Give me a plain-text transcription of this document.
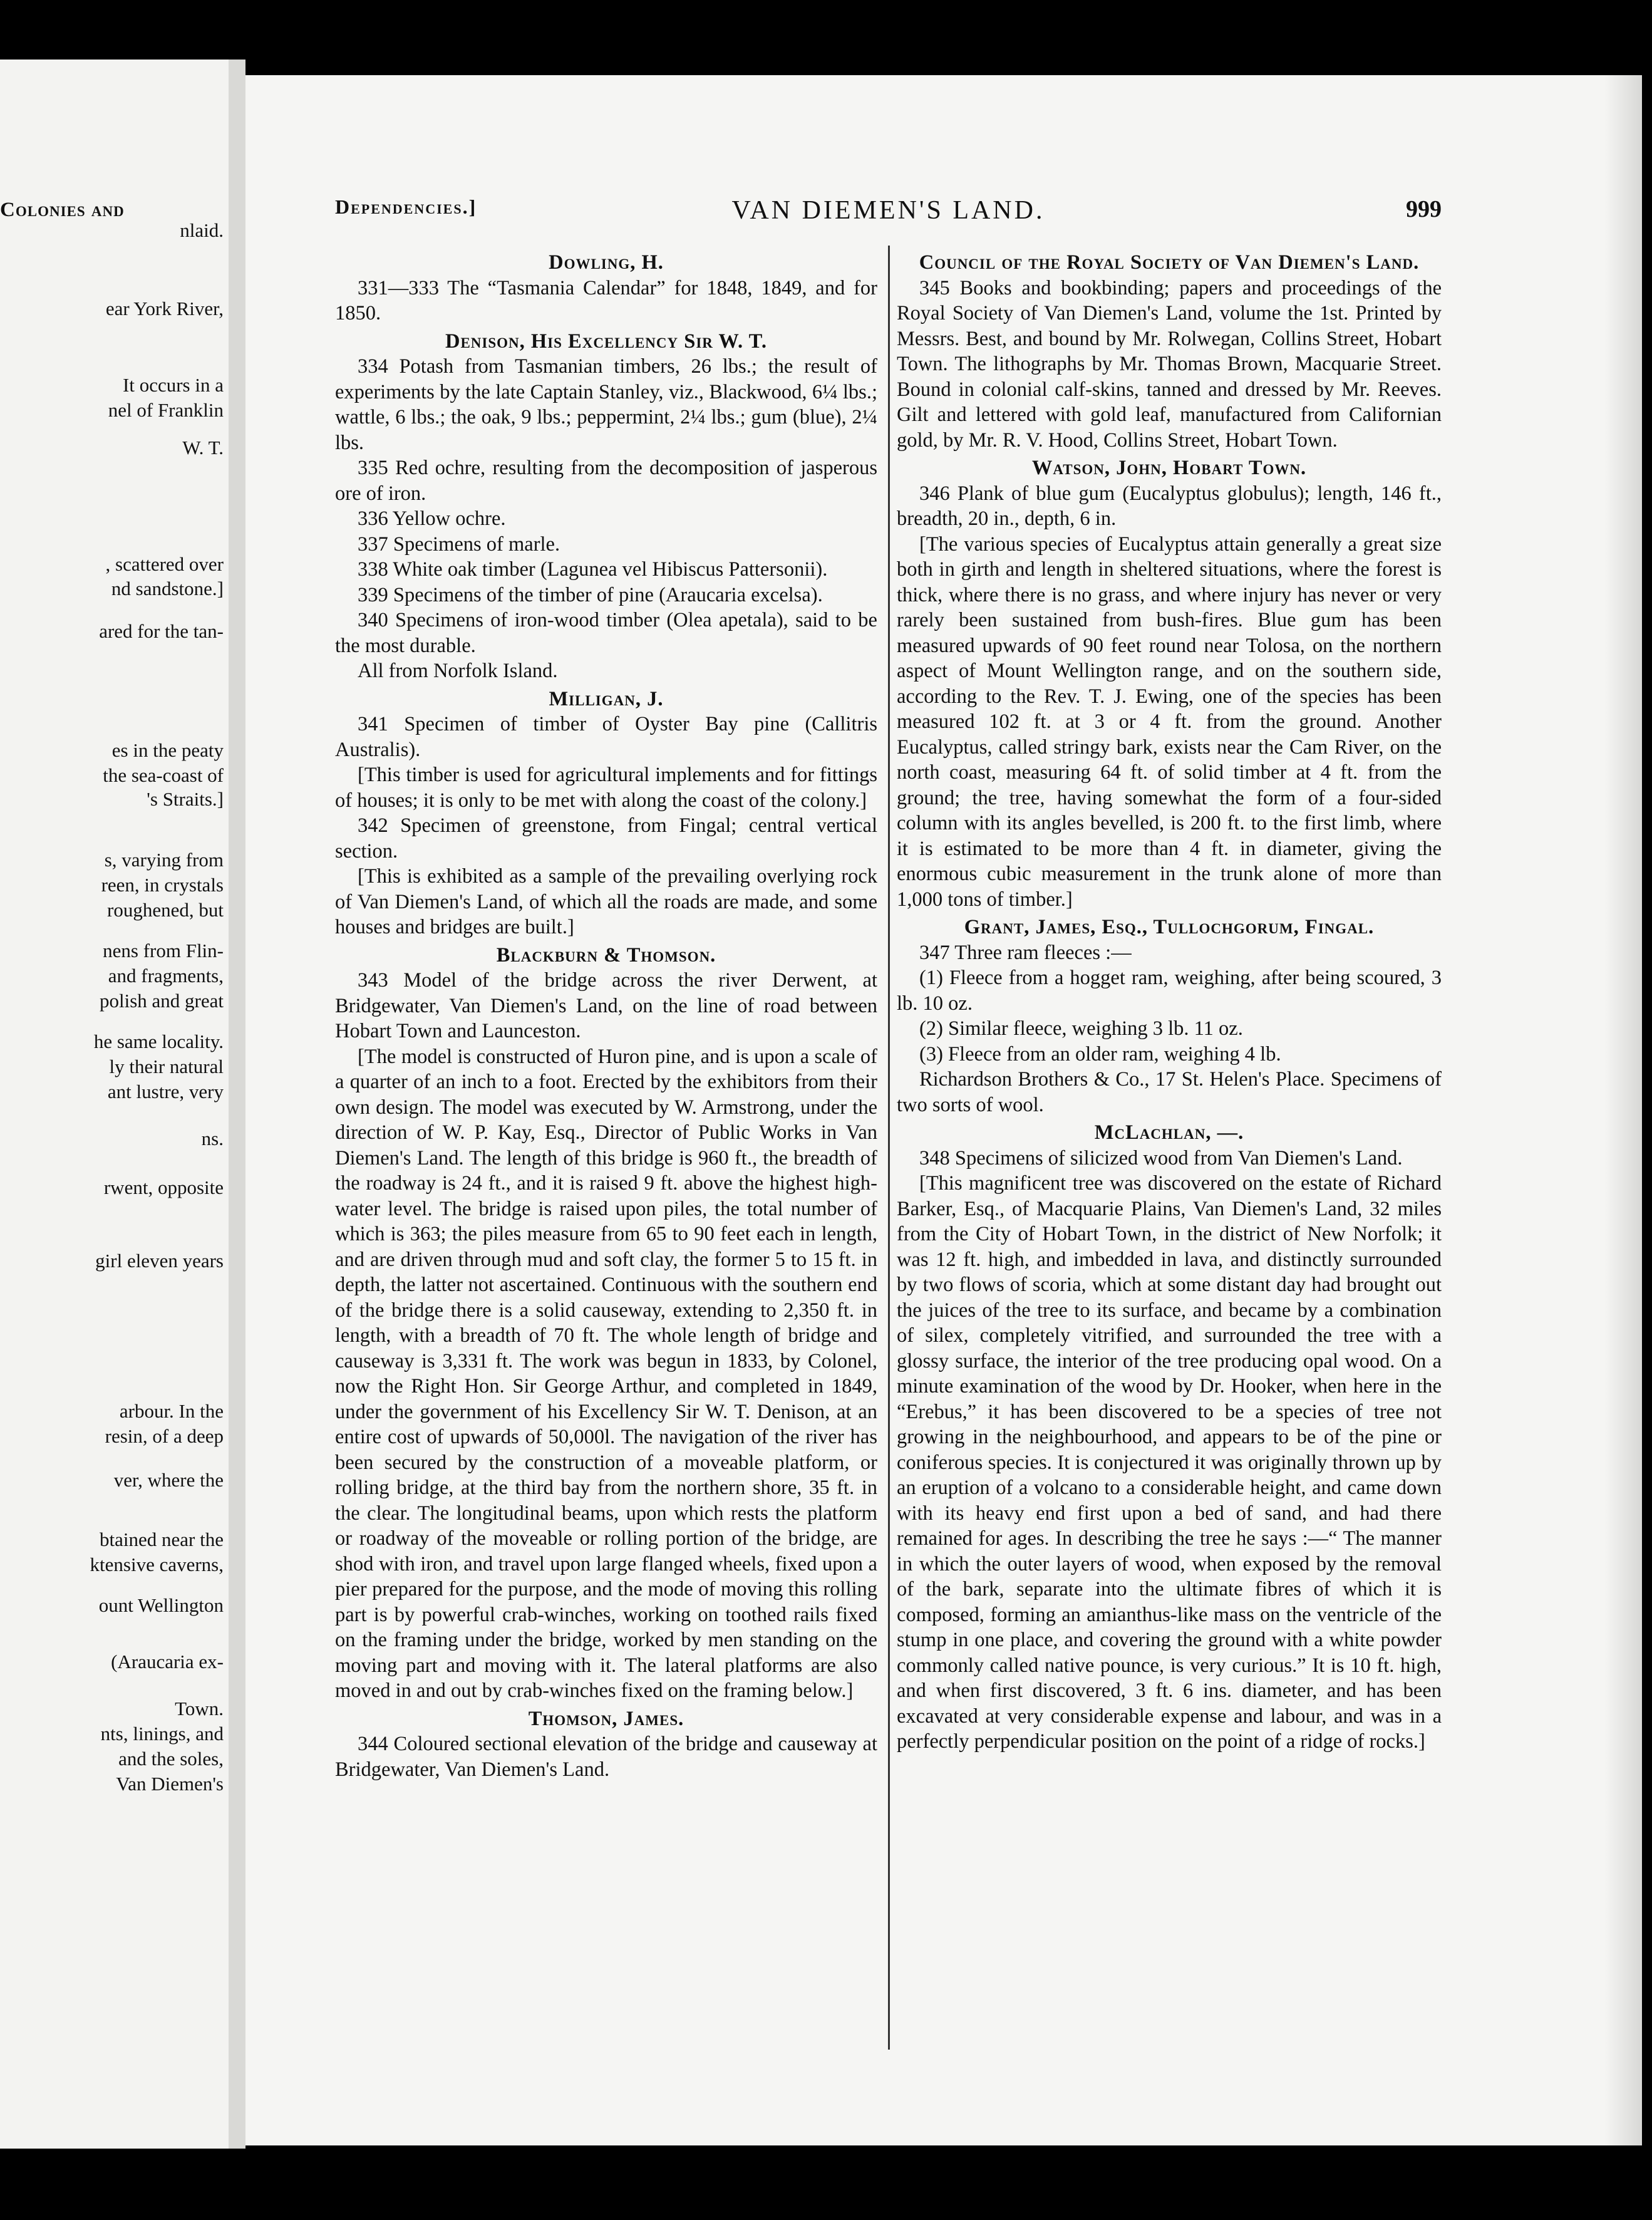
Colonies and
nlaid.
ear York River,
It occurs in a
nel of Franklin
W. T.
, scattered over
nd sandstone.]
ared for the tan-
es in the peaty
the sea-coast of
's Straits.]
s, varying from
reen, in crystals
roughened, but
nens from Flin-
and fragments,
polish and great
he same locality.
ly their natural
ant lustre, very
ns.
rwent, opposite
girl eleven years
arbour. In the
resin, of a deep
ver, where the
btained near the
ktensive caverns,
ount Wellington
(Araucaria ex-
Town.
nts, linings, and
and the soles,
Van Diemen's
Dependencies.]	VAN DIEMEN'S LAND.	999

Dowling, H.

331—333 The “Tasmania Calendar” for 1848, 1849, and for 1850.

Denison, His Excellency Sir W. T.

334 Potash from Tasmanian timbers, 26 lbs.; the result of experiments by the late Captain Stanley, viz., Blackwood, 6¼ lbs.; wattle, 6 lbs.; the oak, 9 lbs.; peppermint, 2¼ lbs.; gum (blue), 2¼ lbs.

335 Red ochre, resulting from the decomposition of jasperous ore of iron.

336 Yellow ochre.

337 Specimens of marle.

338 White oak timber (Lagunea vel Hibiscus Pattersonii).

339 Specimens of the timber of pine (Araucaria excelsa).

340 Specimens of iron-wood timber (Olea apetala), said to be the most durable.

All from Norfolk Island.

Milligan, J.

341 Specimen of timber of Oyster Bay pine (Callitris Australis).

[This timber is used for agricultural implements and for fittings of houses; it is only to be met with along the coast of the colony.]

342 Specimen of greenstone, from Fingal; central vertical section.

[This is exhibited as a sample of the prevailing overlying rock of Van Diemen's Land, of which all the roads are made, and some houses and bridges are built.]

Blackburn & Thomson.

343 Model of the bridge across the river Derwent, at Bridgewater, Van Diemen's Land, on the line of road between Hobart Town and Launceston.

[The model is constructed of Huron pine, and is upon a scale of a quarter of an inch to a foot. Erected by the exhibitors from their own design. The model was executed by W. Armstrong, under the direction of W. P. Kay, Esq., Director of Public Works in Van Diemen's Land. The length of this bridge is 960 ft., the breadth of the roadway is 24 ft., and it is raised 9 ft. above the highest high-water level. The bridge is raised upon piles, the total number of which is 363; the piles measure from 65 to 90 feet each in length, and are driven through mud and soft clay, the former 5 to 15 ft. in depth, the latter not ascertained. Continuous with the southern end of the bridge there is a solid causeway, extending to 2,350 ft. in length, with a breadth of 70 ft. The whole length of bridge and causeway is 3,331 ft. The work was begun in 1833, by Colonel, now the Right Hon. Sir George Arthur, and completed in 1849, under the government of his Excellency Sir W. T. Denison, at an entire cost of upwards of 50,000l. The navigation of the river has been secured by the construction of a moveable platform, or rolling bridge, at the third bay from the northern shore, 35 ft. in the clear. The longitudinal beams, upon which rests the platform or roadway of the moveable or rolling portion of the bridge, are shod with iron, and travel upon large flanged wheels, fixed upon a pier prepared for the purpose, and the mode of moving this rolling part is by powerful crab-winches, working on toothed rails fixed on the framing under the bridge, worked by men standing on the moving part and moving with it. The lateral platforms are also moved in and out by crab-winches fixed on the framing below.]

Thomson, James.

344 Coloured sectional elevation of the bridge and causeway at Bridgewater, Van Diemen's Land.

Council of the Royal Society of Van Diemen's Land.

345 Books and bookbinding; papers and proceedings of the Royal Society of Van Diemen's Land, volume the 1st. Printed by Messrs. Best, and bound by Mr. Rolwegan, Collins Street, Hobart Town. The lithographs by Mr. Thomas Brown, Macquarie Street. Bound in colonial calf-skins, tanned and dressed by Mr. Reeves. Gilt and lettered with gold leaf, manufactured from Californian gold, by Mr. R. V. Hood, Collins Street, Hobart Town.

Watson, John, Hobart Town.

346 Plank of blue gum (Eucalyptus globulus); length, 146 ft., breadth, 20 in., depth, 6 in.

[The various species of Eucalyptus attain generally a great size both in girth and length in sheltered situations, where the forest is thick, where there is no grass, and where injury has never or very rarely been sustained from bush-fires. Blue gum has been measured upwards of 90 feet round near Tolosa, on the northern aspect of Mount Wellington range, and on the southern side, according to the Rev. T. J. Ewing, one of the species has been measured 102 ft. at 3 or 4 ft. from the ground. Another Eucalyptus, called stringy bark, exists near the Cam River, on the north coast, measuring 64 ft. of solid timber at 4 ft. from the ground; the tree, having somewhat the form of a four-sided column with its angles bevelled, is 200 ft. to the first limb, where it is estimated to be more than 4 ft. in diameter, giving the enormous cubic measurement in the trunk alone of more than 1,000 tons of timber.]

Grant, James, Esq., Tullochgorum, Fingal.

347 Three ram fleeces :—

(1) Fleece from a hogget ram, weighing, after being scoured, 3 lb. 10 oz.

(2) Similar fleece, weighing 3 lb. 11 oz.

(3) Fleece from an older ram, weighing 4 lb.

Richardson Brothers & Co., 17 St. Helen's Place. Specimens of two sorts of wool.

McLachlan, —.

348 Specimens of silicized wood from Van Diemen's Land.

[This magnificent tree was discovered on the estate of Richard Barker, Esq., of Macquarie Plains, Van Diemen's Land, 32 miles from the City of Hobart Town, in the district of New Norfolk; it was 12 ft. high, and imbedded in lava, and distinctly surrounded by two flows of scoria, which at some distant day had brought out the juices of the tree to its surface, and became by a combination of silex, completely vitrified, and surrounded the tree with a glossy surface, the interior of the tree producing opal wood. On a minute examination of the wood by Dr. Hooker, when here in the “Erebus,” it has been discovered to be a species of tree not growing in the neighbourhood, and appears to be of the pine or coniferous species. It is conjectured it was originally thrown up by an eruption of a volcano to a considerable height, and came down with its heavy end first upon a bed of sand, and had there remained for ages. In describing the tree he says :—“ The manner in which the outer layers of wood, when exposed by the removal of the bark, separate into the ultimate fibres of which it is composed, forming an amianthus-like mass on the ventricle of the stump in one place, and covering the ground with a white powder commonly called native pounce, is very curious.” It is 10 ft. high, and when first discovered, 3 ft. 6 ins. diameter, and has been excavated at very considerable expense and labour, and was in a perfectly perpendicular position on the point of a ridge of rocks.]
